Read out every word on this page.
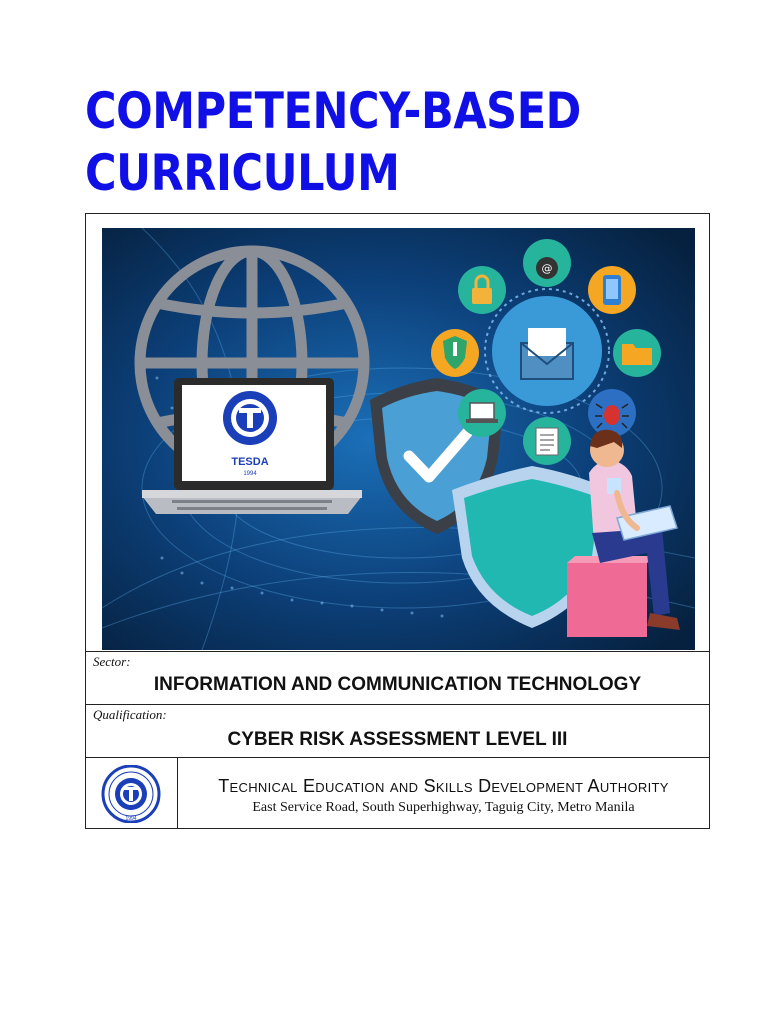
COMPETENCY-BASED
CURRICULUM
TESDA
1994
@
Sector:
INFORMATION AND COMMUNICATION TECHNOLOGY
Qualification:
CYBER RISK ASSESSMENT LEVEL III
1994
Technical Education and Skills Development Authority
East Service Road, South Superhighway, Taguig City, Metro Manila
